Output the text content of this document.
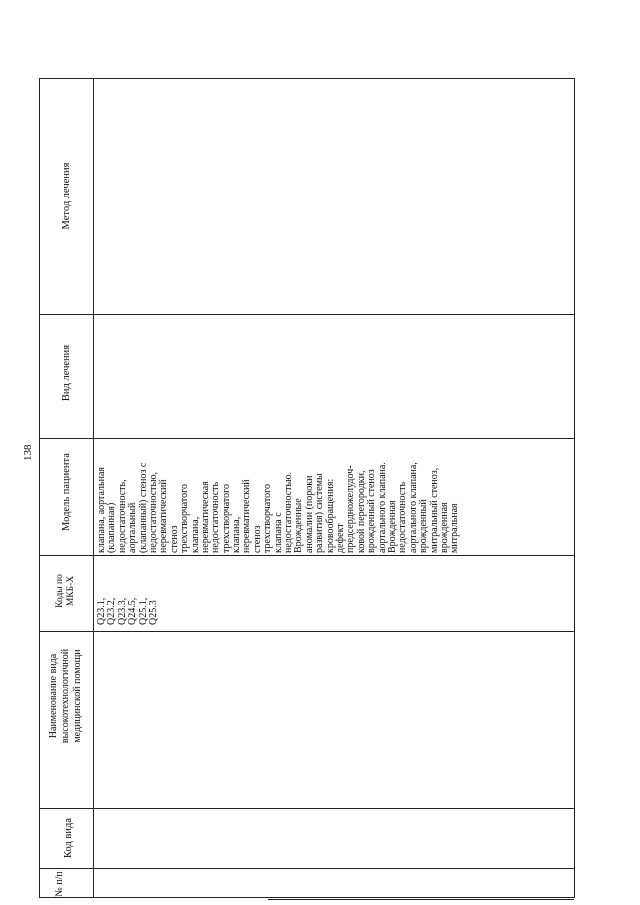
138
Метод лечения
Вид лечения
Модель пациента
Коды по МКБ-X
Наименование вида высокотехнологичной медицинской помощи
Код вида
№ п/п
Q23.1, Q23.2, Q23.3, Q24.5, Q25.1, Q25.3
клапана, аортальная (клапанная) недостаточность, аортальный (клапанный) стеноз с недостаточностью, неревматический стеноз трехстворчатого клапана, неревматическая недостаточность трехстворчатого клапана, неревматический стеноз трехстворчатого клапана с недостаточностью. Врожденные аномалии (пороки развития) системы кровообращения: дефект предсердножелудоч- ковой перегородки, врожденный стеноз аортального клапана. Врожденная недостаточность аортального клапана, врожденный митральный стеноз, врожденная митральная
